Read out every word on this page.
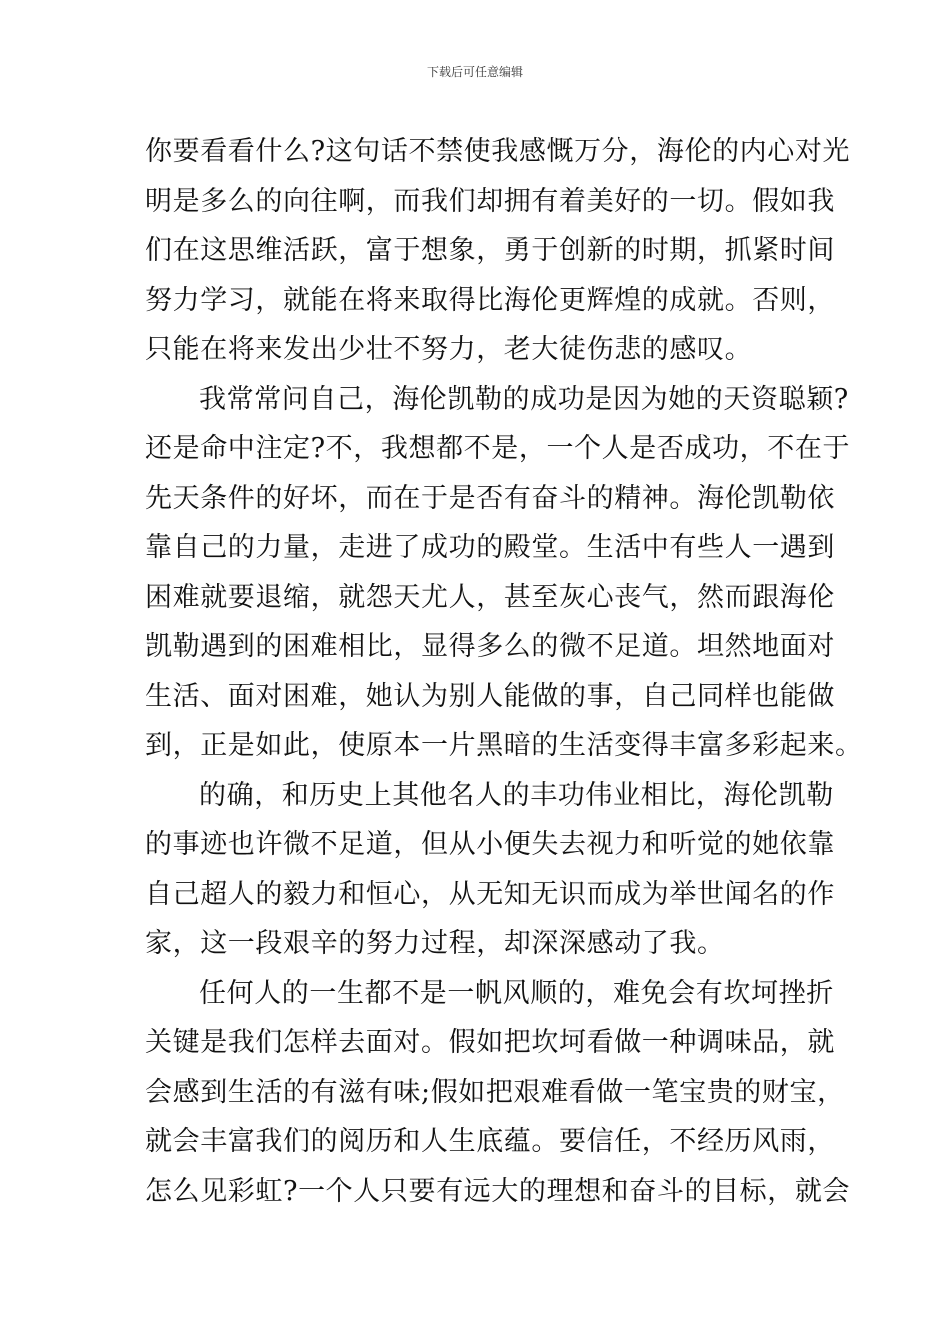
下载后可任意编辑
你要看看什么?这句话不禁使我感慨万分，海伦的内心对光
明是多么的向往啊，而我们却拥有着美好的一切。假如我
们在这思维活跃，富于想象，勇于创新的时期，抓紧时间
努力学习，就能在将来取得比海伦更辉煌的成就。否则，
只能在将来发出少壮不努力，老大徒伤悲的感叹。
我常常问自己，海伦凯勒的成功是因为她的天资聪颖?
还是命中注定?不，我想都不是，一个人是否成功，不在于
先天条件的好坏，而在于是否有奋斗的精神。海伦凯勒依
靠自己的力量，走进了成功的殿堂。生活中有些人一遇到
困难就要退缩，就怨天尤人，甚至灰心丧气，然而跟海伦
凯勒遇到的困难相比，显得多么的微不足道。坦然地面对
生活、面对困难，她认为别人能做的事，自己同样也能做
到，正是如此，使原本一片黑暗的生活变得丰富多彩起来。
的确，和历史上其他名人的丰功伟业相比，海伦凯勒
的事迹也许微不足道，但从小便失去视力和听觉的她依靠
自己超人的毅力和恒心，从无知无识而成为举世闻名的作
家，这一段艰辛的努力过程，却深深感动了我。
任何人的一生都不是一帆风顺的，难免会有坎坷挫折
关键是我们怎样去面对。假如把坎坷看做一种调味品，就
会感到生活的有滋有味;假如把艰难看做一笔宝贵的财宝，
就会丰富我们的阅历和人生底蕴。要信任，不经历风雨，
怎么见彩虹?一个人只要有远大的理想和奋斗的目标，就会
